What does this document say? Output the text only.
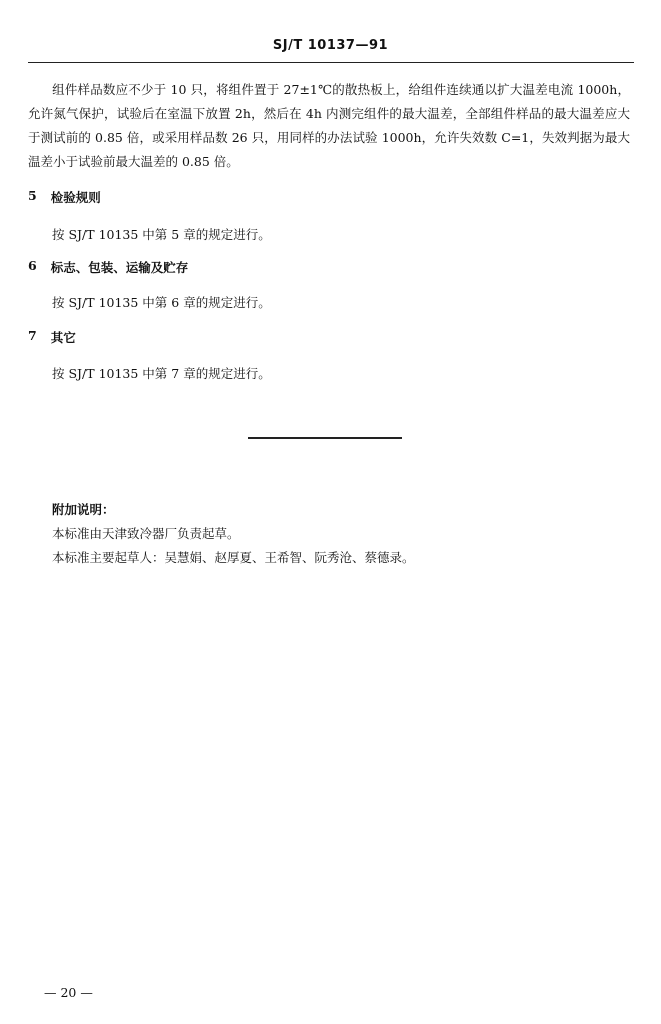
SJ/T 10137—91
组件样品数应不少于 10 只，将组件置于 27±1℃的散热板上，给组件连续通以扩大温差电流 1000h，允许氮气保护，试验后在室温下放置 2h，然后在 4h 内测完组件的最大温差，全部组件样品的最大温差应大于测试前的 0.85 倍，或采用样品数 26 只，用同样的办法试验 1000h，允许失效数 C=1，失效判据为最大温差小于试验前最大温差的 0.85 倍。
5 检验规则
按 SJ/T 10135 中第 5 章的规定进行。
6 标志、包装、运输及贮存
按 SJ/T 10135 中第 6 章的规定进行。
7 其它
按 SJ/T 10135 中第 7 章的规定进行。
附加说明：
本标准由天津致冷器厂负责起草。
本标准主要起草人：吴慧娟、赵厚夏、王希智、阮秀沧、蔡德录。
— 20 —
